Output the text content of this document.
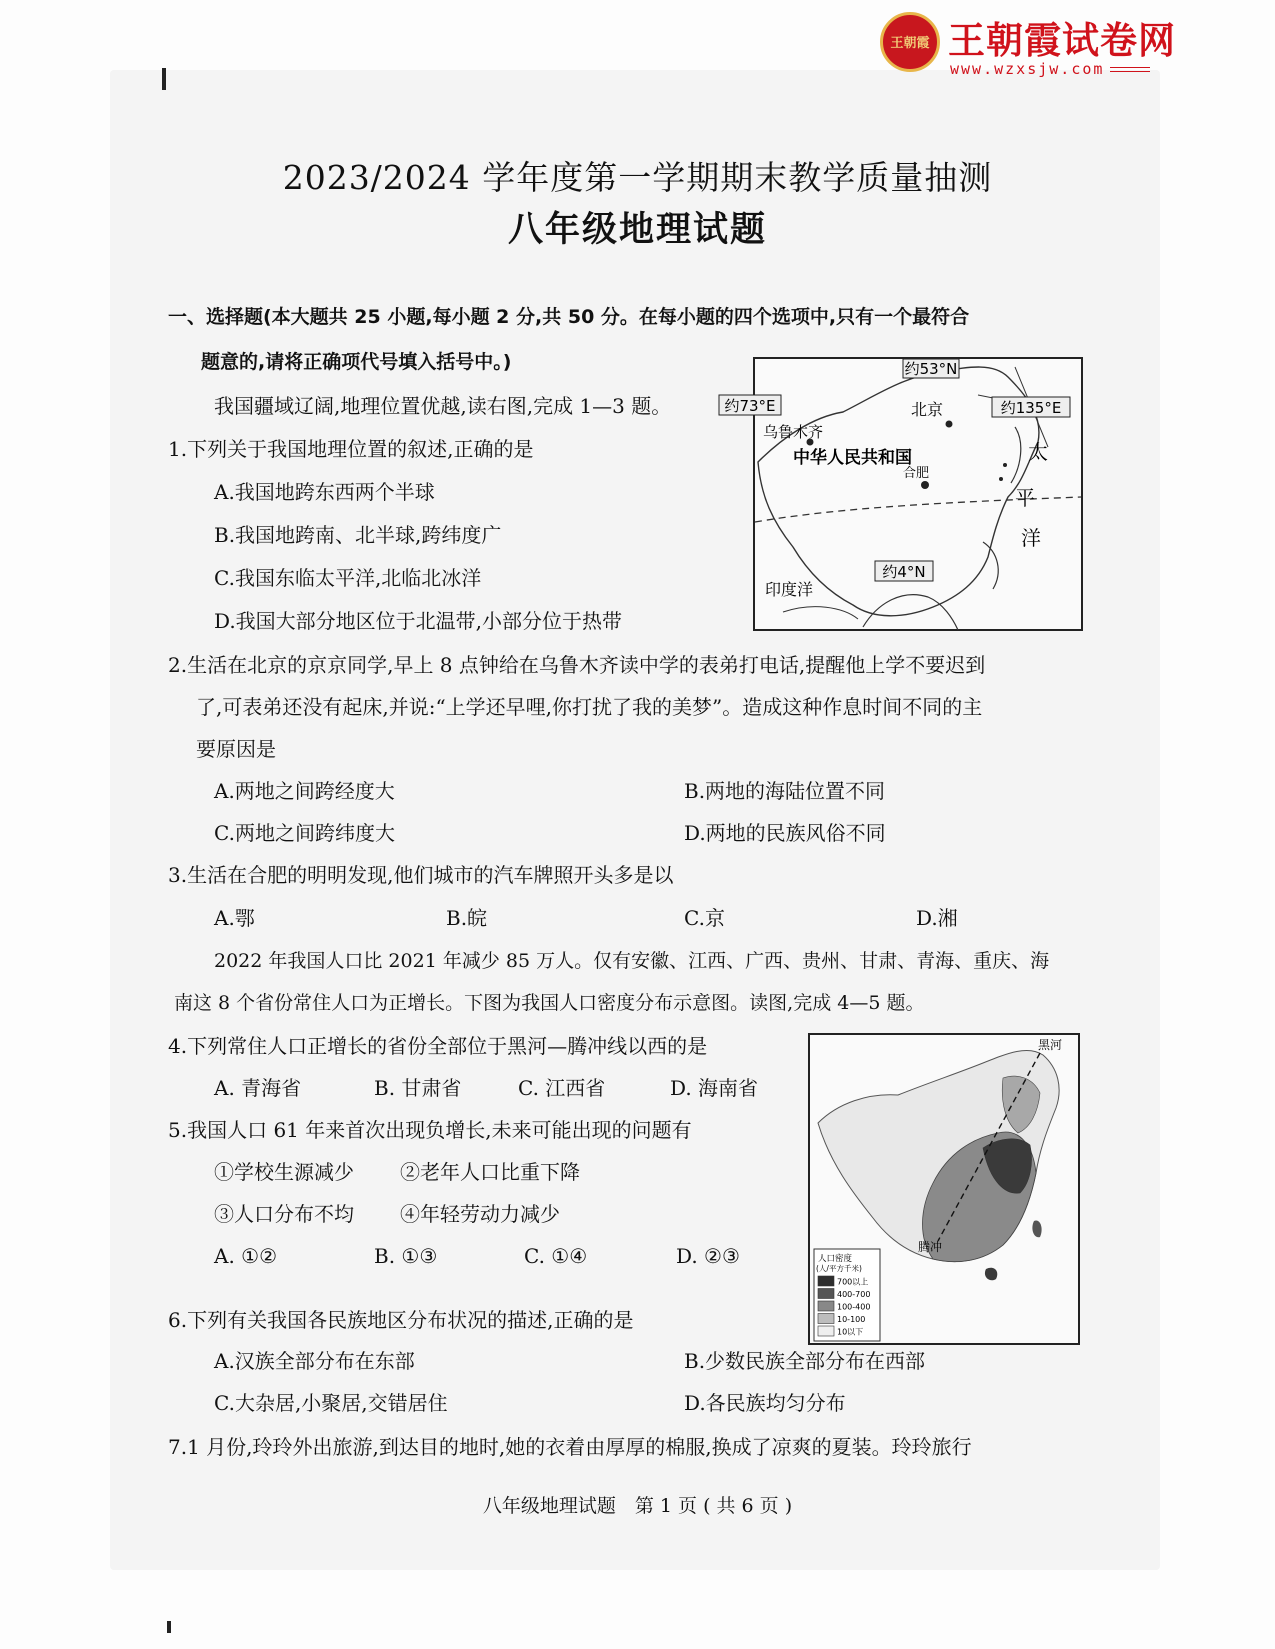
王朝霞 王朝霞试卷网
www.wzxsjw.com
2023/2024 学年度第一学期期末教学质量抽测
八年级地理试题
一、选择题(本大题共 25 小题,每小题 2 分,共 50 分。在每小题的四个选项中,只有一个最符合
题意的,请将正确项代号填入括号中。)
我国疆域辽阔,地理位置优越,读右图,完成 1—3 题。
1.下列关于我国地理位置的叙述,正确的是
A.我国地跨东西两个半球
B.我国地跨南、北半球,跨纬度广
C.我国东临太平洋,北临北冰洋
D.我国大部分地区位于北温带,小部分位于热带
约53°N
约73°E	约135°E
约4°N
北京
乌鲁木齐
中华人民共和国
合肥
太
平
洋
印度洋
2.生活在北京的京京同学,早上 8 点钟给在乌鲁木齐读中学的表弟打电话,提醒他上学不要迟到
了,可表弟还没有起床,并说:“上学还早哩,你打扰了我的美梦”。造成这种作息时间不同的主
要原因是
A.两地之间跨经度大	B.两地的海陆位置不同
C.两地之间跨纬度大	D.两地的民族风俗不同
3.生活在合肥的明明发现,他们城市的汽车牌照开头多是以
A.鄂	B.皖	C.京	D.湘
2022 年我国人口比 2021 年减少 85 万人。仅有安徽、江西、广西、贵州、甘肃、青海、重庆、海
南这 8 个省份常住人口为正增长。下图为我国人口密度分布示意图。读图,完成 4—5 题。
4.下列常住人口正增长的省份全部位于黑河—腾冲线以西的是
A. 青海省	B. 甘肃省	C. 江西省	D. 海南省
5.我国人口 61 年来首次出现负增长,未来可能出现的问题有
①学校生源减少 ②老年人口比重下降
③人口分布不均 ④年轻劳动力减少
A. ①②	B. ①③	C. ①④	D. ②③
黑河
腾冲
人口密度
(人/平方千米)
700以上
400-700
100-400
10-100
10以下
6.下列有关我国各民族地区分布状况的描述,正确的是
A.汉族全部分布在东部	B.少数民族全部分布在西部
C.大杂居,小聚居,交错居住	D.各民族均匀分布
7.1 月份,玲玲外出旅游,到达目的地时,她的衣着由厚厚的棉服,换成了凉爽的夏装。玲玲旅行
八年级地理试题　第 1 页 ( 共 6 页 )
